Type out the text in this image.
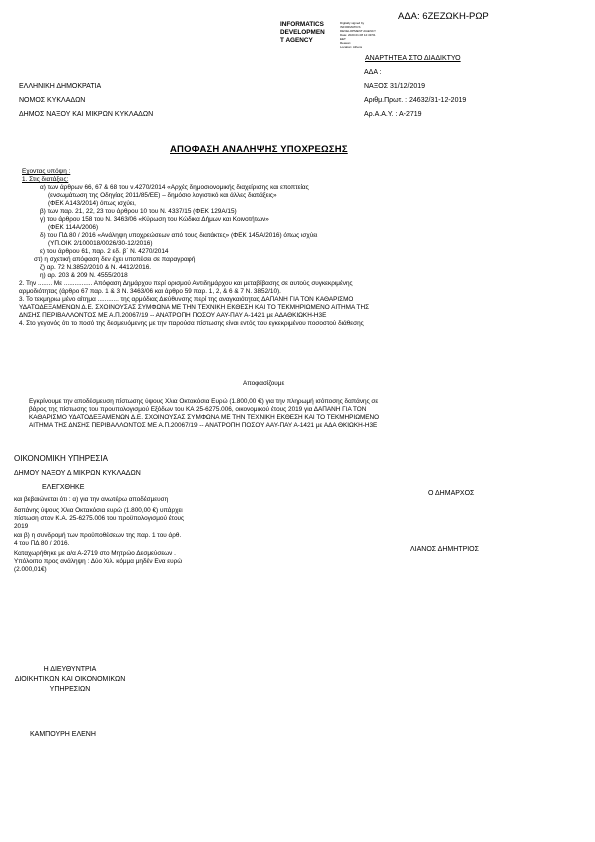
ΑΔΑ: 6ΖΕΖΩΚΗ-ΡΩΡ
INFORMATICS
DEVELOPMEN
T AGENCY
Digitally signed by
INFORMATICS
DEVELOPMENT AGENCY
Date: 2020.01.08 12:49:51
EET
Reason:
Location: Athens
ΑΝΑΡΤΗΤΕΑ ΣΤΟ ΔΙΑΔΙΚΤΥΟ
ΕΛΛΗΝΙΚΗ ΔΗΜΟΚΡΑΤΙΑ
ΝΟΜΟΣ ΚΥΚΛΑΔΩΝ
ΔΗΜΟΣ ΝΑΞΟΥ ΚΑΙ ΜΙΚΡΩΝ ΚΥΚΛΑΔΩΝ
ΑΔΑ :
ΝΑΞΟΣ 31/12/2019
Αριθμ.Πρωτ. : 24632/31-12-2019
Αρ.Α.Α.Υ. : Α-2719
ΑΠΟΦΑΣΗ ΑΝΑΛΗΨΗΣ ΥΠΟΧΡΕΩΣΗΣ
Εχοντας υπόψη :
1. Στις διατάξεις:
α) των άρθρων 66, 67 & 68 του ν.4270/2014 «Αρχές δημοσιονομικής διαχείρισης και εποπτείας
(ενσωμάτωση της Οδηγίας 2011/85/ΕΕ) – δημόσιο λογιστικό και άλλες διατάξεις»
(ΦΕΚ Α143/2014) όπως ισχύει,
β) των παρ. 21, 22, 23 του άρθρου 10 του Ν. 4337/15 (ΦΕΚ 129Α/15)
γ) του άρθρου 158 του Ν. 3463/06 «Κύρωση του Κώδικα Δήμων και Κοινοτήτων»
(ΦΕΚ 114Α/2006)
δ) του ΠΔ 80 / 2016 «Ανάληψη υποχρεώσεων από τους διατάκτες» (ΦΕΚ 145Α/2016) όπως ισχύει
(ΥΠ.ΟΙΚ 2/100018/0026/30-12/2016)
ε) του άρθρου 61, παρ. 2 εδ. β΄ Ν. 4270/2014
στ) η σχετική απόφαση δεν έχει υποπέσει σε παραγραφή
ζ) αρ. 72 Ν.3852/2010 & Ν. 4412/2016.
η) αρ. 203 & 209 Ν. 4555/2018
2. Την ........ Με ................ Απόφαση Δημάρχου περί ορισμού Αντιδημάρχου και μεταβίβασης σε αυτούς συγκεκριμένης
αρμοδιότητας (άρθρο 67 παρ. 1 & 3 Ν. 3463/06 και άρθρο 59 παρ. 1, 2, & 6 & 7 Ν. 3852/10).
3. Το τεκμηριω μένο αίτημα ............ της αρμόδιας Διεύθυνσης περί της αναγκαιότητας ΔΑΠΑΝΗ ΓΙΑ ΤΟΝ ΚΑΘΑΡΙΣΜΟ
ΥΔΑΤΟΔΕΞΑΜΕΝΩΝ Δ.Ε. ΣΧΟΙΝΟΥΣΑΣ ΣΥΜΦΩΝΑ ΜΕ ΤΗΝ ΤΕΧΝΙΚΗ ΕΚΘΕΣΗ ΚΑΙ ΤΟ ΤΕΚΜΗΡΙΩΜΕΝΟ ΑΙΤΗΜΑ ΤΗΣ
ΔΝΣΗΣ ΠΕΡΙΒΑΛΛΟΝΤΟΣ ΜΕ Α.Π.20067/19 -- ΑΝΑΤΡΟΠΗ ΠΟΣΟΥ ΑΑΥ-ΠΑΥ Α-1421 με ΑΔΑΘΚΙΩΚΗ-Η3Ε
4. Στο γεγονός ότι το ποσό της δεσμευόμενης με την παρούσα πίστωσης είναι εντός του εγκεκριμένου ποσοστού διάθεσης
Αποφασίζουμε
Εγκρίνουμε την αποδέσμευση πίστωσης ύψους Χλια Οκτακόσια Ευρώ (1.800,00 €) για την πληρωμή ισόποσης δαπάνης σε
βάρος της πίστωσης του προυπολογισμού Εξόδων του ΚΑ 25-6275.006, οικονομικού έτους 2019 για ΔΑΠΑΝΗ ΓΙΑ ΤΟΝ
ΚΑΘΑΡΙΣΜΟ ΥΔΑΤΟΔΕΞΑΜΕΝΩΝ Δ.Ε. ΣΧΟΙΝΟΥΣΑΣ ΣΥΜΦΩΝΑ ΜΕ ΤΗΝ ΤΕΧΝΙΚΗ ΕΚΘΕΣΗ ΚΑΙ ΤΟ ΤΕΚΜΗΡΙΩΜΕΝΟ
ΑΙΤΗΜΑ ΤΗΣ ΔΝΣΗΣ ΠΕΡΙΒΑΛΛΟΝΤΟΣ ΜΕ Α.Π.20067/19 -- ΑΝΑΤΡΟΠΗ ΠΟΣΟΥ ΑΑΥ-ΠΑΥ Α-1421 με ΑΔΑ ΘΚΙΩΚΗ-Η3Ε
ΟΙΚΟΝΟΜΙΚΗ ΥΠΗΡΕΣΙΑ
ΔΗΜΟΥ ΝΑΞΟΥ Δ ΜΙΚΡΩΝ ΚΥΚΛΑΔΩΝ
ΕΛΕΓΧΘΗΚΕ
και βεβαιώνεται ότι : α) για την ανωτέρω αποδέσμευση
δαπάνης ύψους Χλια Οκτακόσια ευρώ (1.800,00 €) υπάρχει
πίστωση στον Κ.Α. 25-6275.006 του προϋπολογισμού έτους
2019
και β) η συνδρομή των προϋποθέσεων της παρ. 1 του άρθ.
4 του ΠΔ 80 / 2016.
Καταχωρήθηκε με α/α Α-2719 στο Μητρώο Δεσμεύσεων .
Υπόλοιπο προς ανάληψη : Δύο Χιλ. κόμμα μηδέν Ενα ευρώ
(2.000,01€)
Ο ΔΗΜΑΡΧΟΣ
ΛΙΑΝΟΣ ΔΗΜΗΤΡΙΟΣ
Η ΔΙΕΥΘΥΝΤΡΙΑ
ΔΙΟΙΚΗΤΙΚΩΝ ΚΑΙ ΟΙΚΟΝΟΜΙΚΩΝ
ΥΠΗΡΕΣΙΩΝ
ΚΑΜΠΟΥΡΗ ΕΛΕΝΗ
